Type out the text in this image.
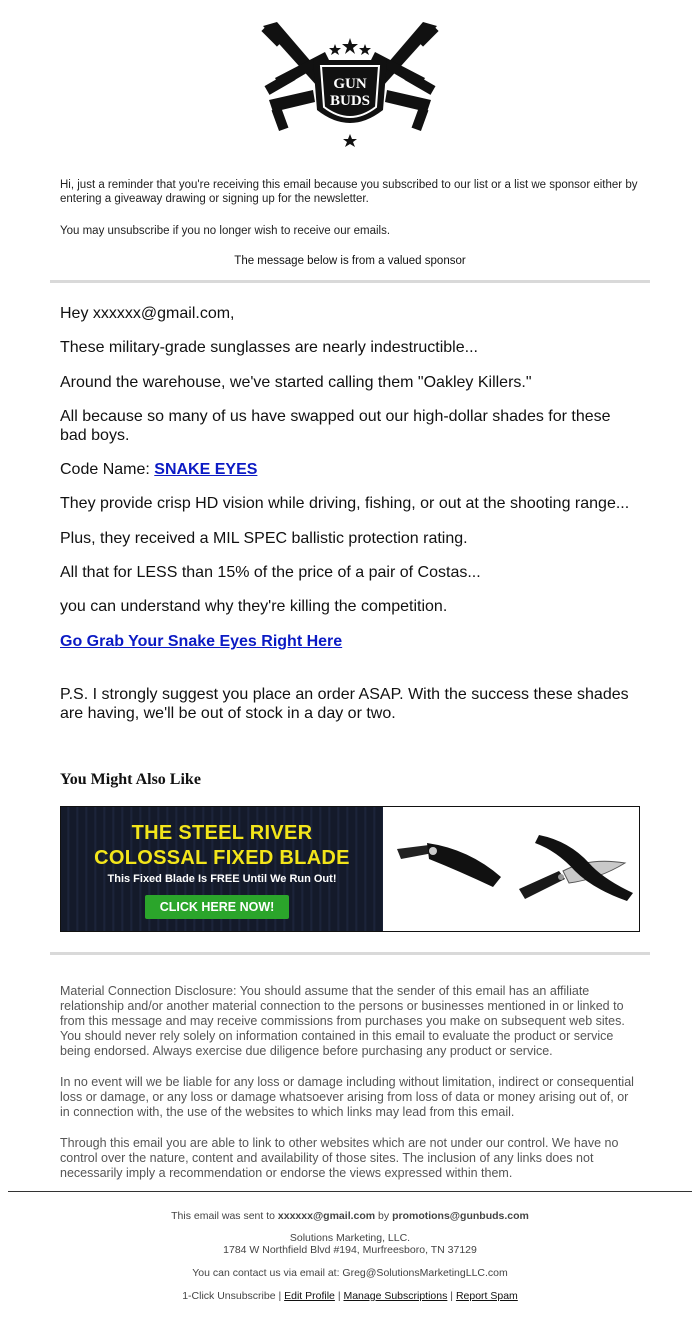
GUN
BUDS
Hi, just a reminder that you're receiving this email because you subscribed to our list or a list we sponsor either by entering a giveaway drawing or signing up for the newsletter.
You may unsubscribe if you no longer wish to receive our emails.
The message below is from a valued sponsor

Hey xxxxxx@gmail.com,

These military-grade sunglasses are nearly indestructible...

Around the warehouse, we've started calling them "Oakley Killers."

All because so many of us have swapped out our high-dollar shades for these bad boys.

Code Name: SNAKE EYES

They provide crisp HD vision while driving, fishing, or out at the shooting range...

Plus, they received a MIL SPEC ballistic protection rating.

All that for LESS than 15% of the price of a pair of Costas...

you can understand why they're killing the competition.

Go Grab Your Snake Eyes Right Here

P.S. I strongly suggest you place an order ASAP. With the success these shades are having, we'll be out of stock in a day or two.

You Might Also Like
THE STEEL RIVER
COLOSSAL FIXED BLADE
This Fixed Blade Is FREE Until We Run Out!
CLICK HERE NOW!
Material Connection Disclosure: You should assume that the sender of this email has an affiliate relationship and/or another material connection to the persons or businesses mentioned in or linked to from this message and may receive commissions from purchases you make on subsequent web sites. You should never rely solely on information contained in this email to evaluate the product or service being endorsed. Always exercise due diligence before purchasing any product or service.
In no event will we be liable for any loss or damage including without limitation, indirect or consequential loss or damage, or any loss or damage whatsoever arising from loss of data or money arising out of, or in connection with, the use of the websites to which links may lead from this email.
Through this email you are able to link to other websites which are not under our control. We have no control over the nature, content and availability of those sites. The inclusion of any links does not necessarily imply a recommendation or endorse the views expressed within them.
This email was sent to xxxxxx@gmail.com by promotions@gunbuds.com
Solutions Marketing, LLC.
1784 W Northfield Blvd #194, Murfreesboro, TN 37129
You can contact us via email at: Greg@SolutionsMarketingLLC.com
1-Click Unsubscribe | Edit Profile | Manage Subscriptions | Report Spam
